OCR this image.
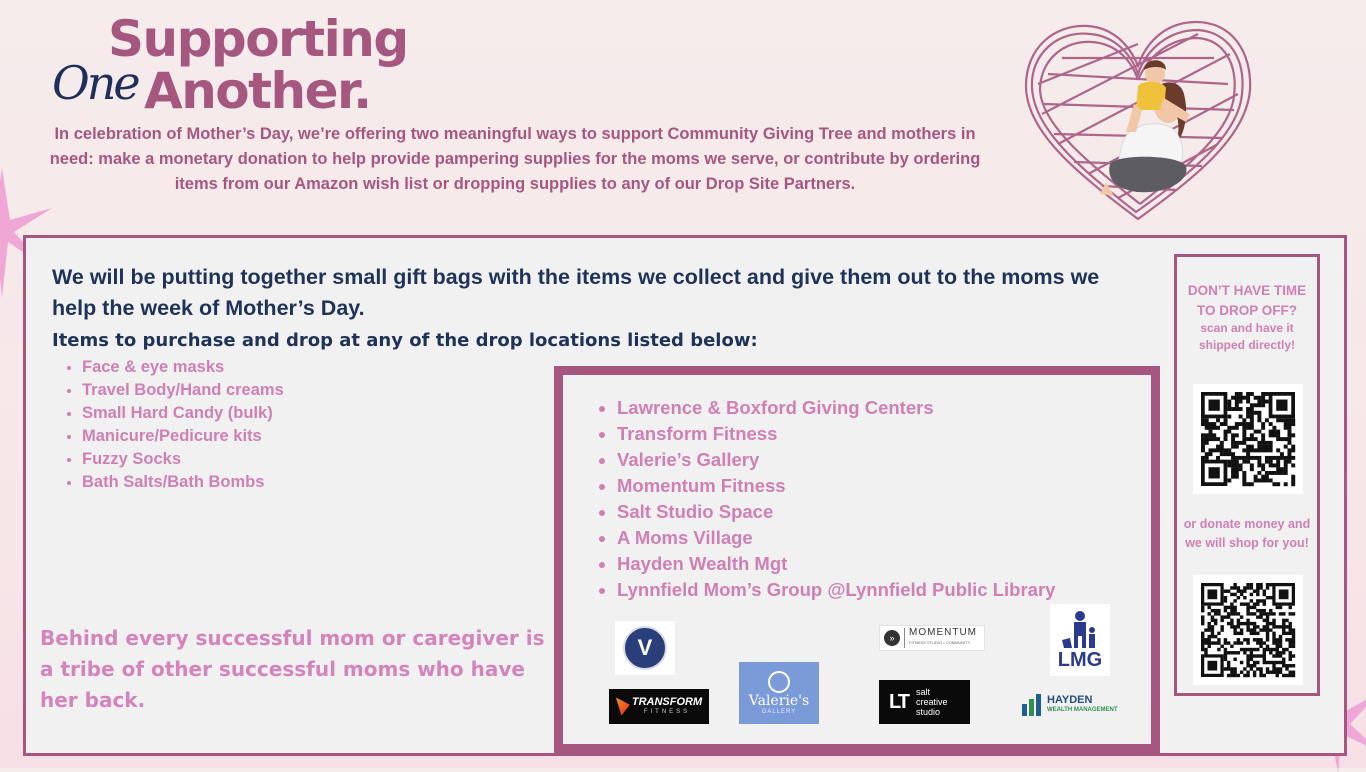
Supporting
One Another.
In celebration of Mother’s Day, we’re offering two meaningful ways to support Community Giving Tree and mothers in need: make a monetary donation to help provide pampering supplies for the moms we serve, or contribute by ordering items from our Amazon wish list or dropping supplies to any of our Drop Site Partners.
We will be putting together small gift bags with the items we collect and give them out to the moms we help the week of Mother’s Day.
Items to purchase and drop at any of the drop locations listed below:
• Face & eye masks
• Travel Body/Hand creams
• Small Hard Candy (bulk)
• Manicure/Pedicure kits
• Fuzzy Socks
• Bath Salts/Bath Bombs
Behind every successful mom or caregiver is a tribe of other successful moms who have her back.
• Lawrence & Boxford Giving Centers
• Transform Fitness
• Valerie’s Gallery
• Momentum Fitness
• Salt Studio Space
• A Moms Village
• Hayden Wealth Mgt
• Lynnfield Mom’s Group @Lynnfield Public Library
V	»	MOMENTUM
FITNESS STUDIO • COMMUNITY
LMG
TRANSFORM
FITNESS
Valerie's
GALLERY	LT salt creative studio
HAYDEN
WEALTH MANAGEMENT
DON’T HAVE TIME TO DROP OFF?
scan and have it shipped directly!
or donate money and we will shop for you!
